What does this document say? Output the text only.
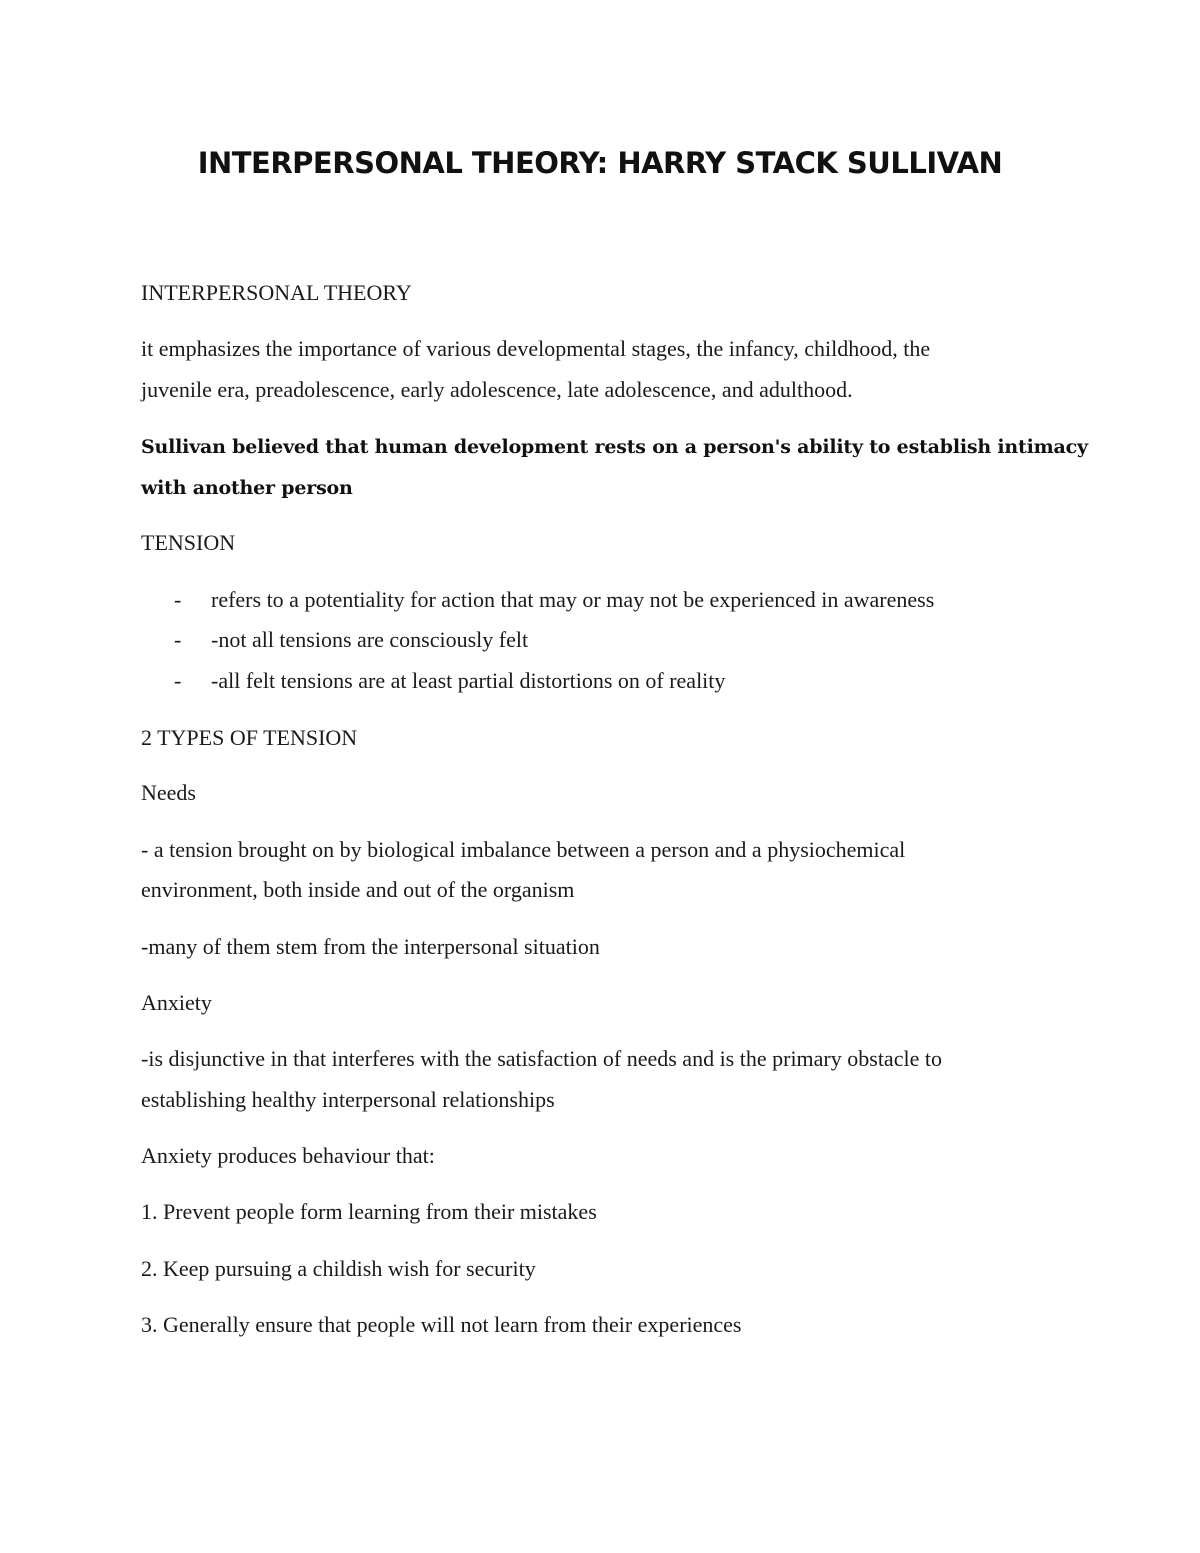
INTERPERSONAL THEORY: HARRY STACK SULLIVAN
INTERPERSONAL THEORY
it emphasizes the importance of various developmental stages, the infancy, childhood, the
juvenile era, preadolescence, early adolescence, late adolescence, and adulthood.
Sullivan believed that human development rests on a person's ability to establish intimacy
with another person
TENSION
- refers to a potentiality for action that may or may not be experienced in awareness
- -not all tensions are consciously felt
- -all felt tensions are at least partial distortions on of reality
2 TYPES OF TENSION
Needs
- a tension brought on by biological imbalance between a person and a physiochemical
environment, both inside and out of the organism
-many of them stem from the interpersonal situation
Anxiety
-is disjunctive in that interferes with the satisfaction of needs and is the primary obstacle to
establishing healthy interpersonal relationships
Anxiety produces behaviour that:
1. Prevent people form learning from their mistakes
2. Keep pursuing a childish wish for security
3. Generally ensure that people will not learn from their experiences
